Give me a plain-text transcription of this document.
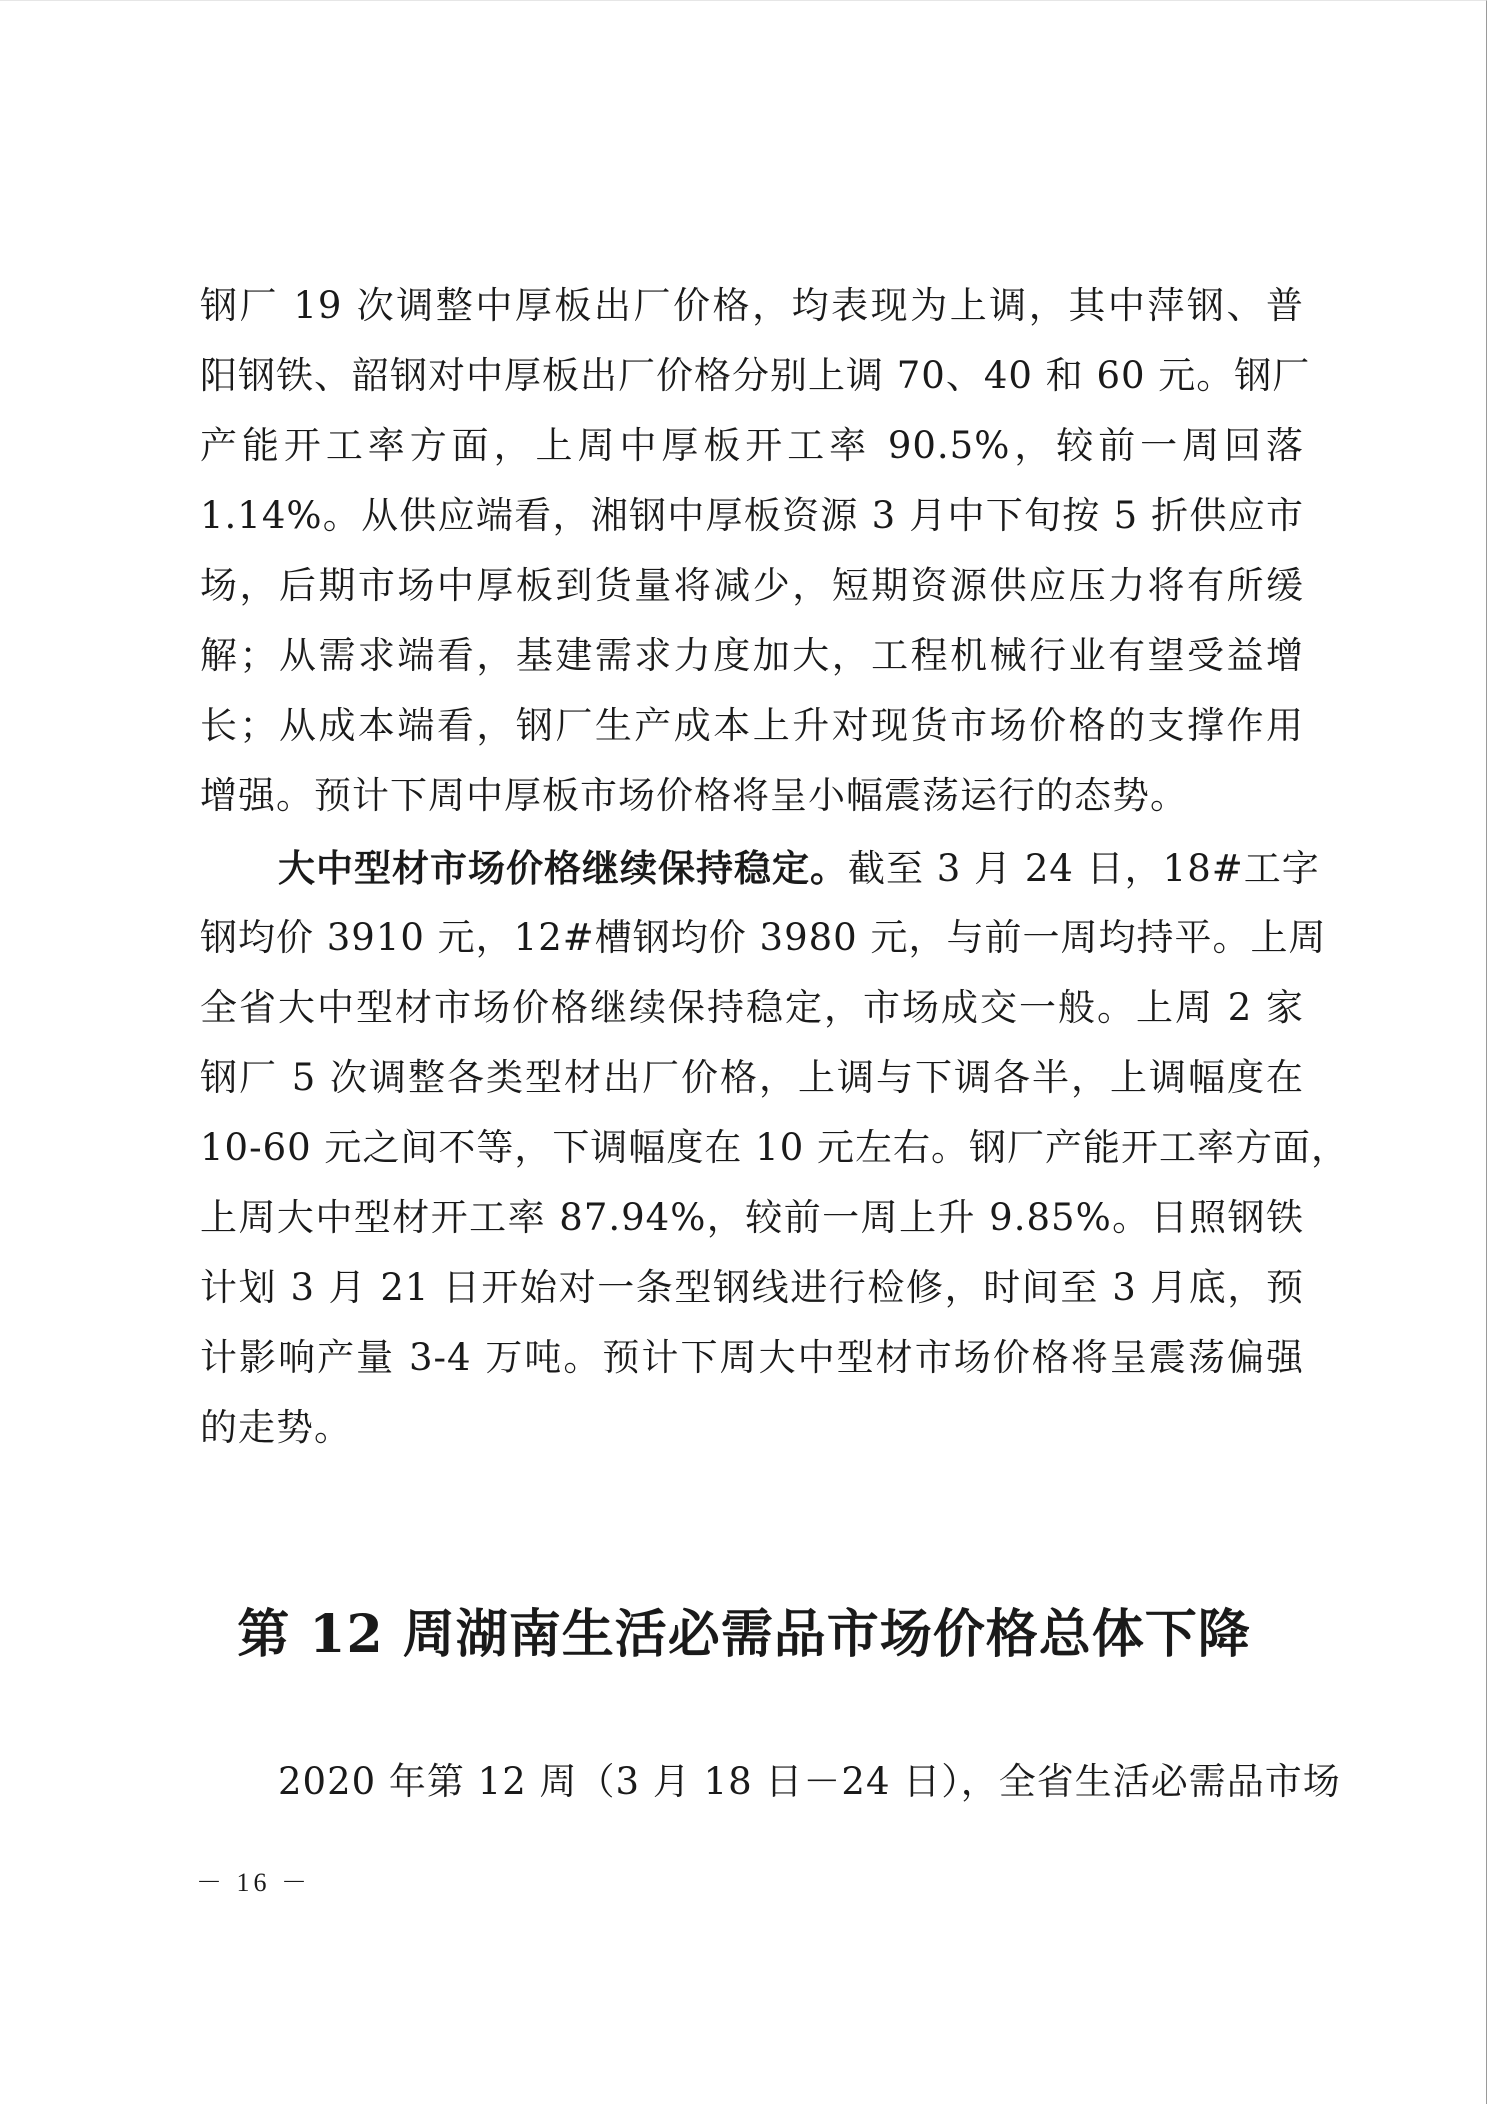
钢厂 19 次调整中厚板出厂价格，均表现为上调，其中萍钢、普
阳钢铁、韶钢对中厚板出厂价格分别上调 70、40 和 60 元。钢厂
产能开工率方面，上周中厚板开工率 90.5%，较前一周回落
1.14%。从供应端看，湘钢中厚板资源 3 月中下旬按 5 折供应市
场，后期市场中厚板到货量将减少，短期资源供应压力将有所缓
解；从需求端看，基建需求力度加大，工程机械行业有望受益增
长；从成本端看，钢厂生产成本上升对现货市场价格的支撑作用
增强。预计下周中厚板市场价格将呈小幅震荡运行的态势。
大中型材市场价格继续保持稳定。截至 3 月 24 日，18#工字
钢均价 3910 元，12#槽钢均价 3980 元，与前一周均持平。上周
全省大中型材市场价格继续保持稳定，市场成交一般。上周 2 家
钢厂 5 次调整各类型材出厂价格，上调与下调各半，上调幅度在
10-60 元之间不等，下调幅度在 10 元左右。钢厂产能开工率方面，
上周大中型材开工率 87.94%，较前一周上升 9.85%。日照钢铁
计划 3 月 21 日开始对一条型钢线进行检修，时间至 3 月底，预
计影响产量 3-4 万吨。预计下周大中型材市场价格将呈震荡偏强
的走势。
第 12 周湖南生活必需品市场价格总体下降
2020 年第 12 周（3 月 18 日－24 日），全省生活必需品市场
－ 16 －
